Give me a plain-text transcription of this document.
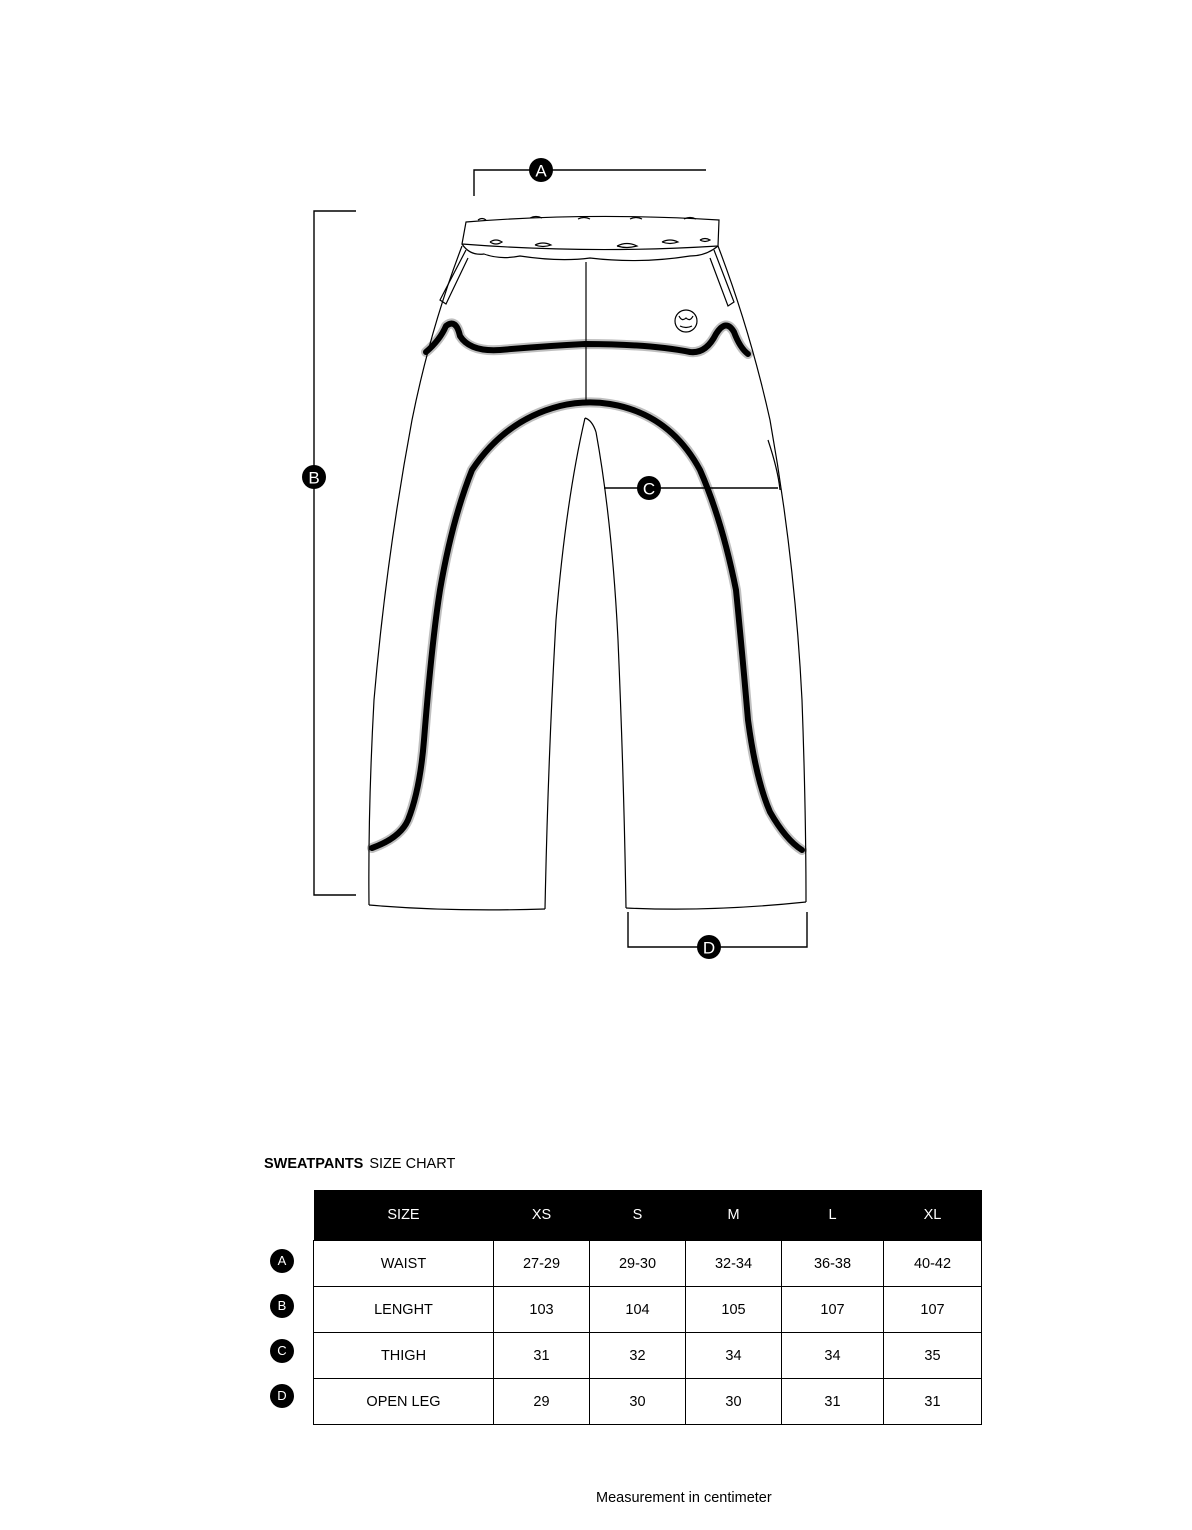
A
B
C
D
SWEATPANTS SIZE CHART
A
B
C
D
SIZE	XS	S	M	L	XL
WAIST	27-29	29-30	32-34	36-38	40-42
LENGHT	103	104	105	107	107
THIGH	31	32	34	34	35
OPEN LEG	29	30	30	31	31
Measurement in centimeter
